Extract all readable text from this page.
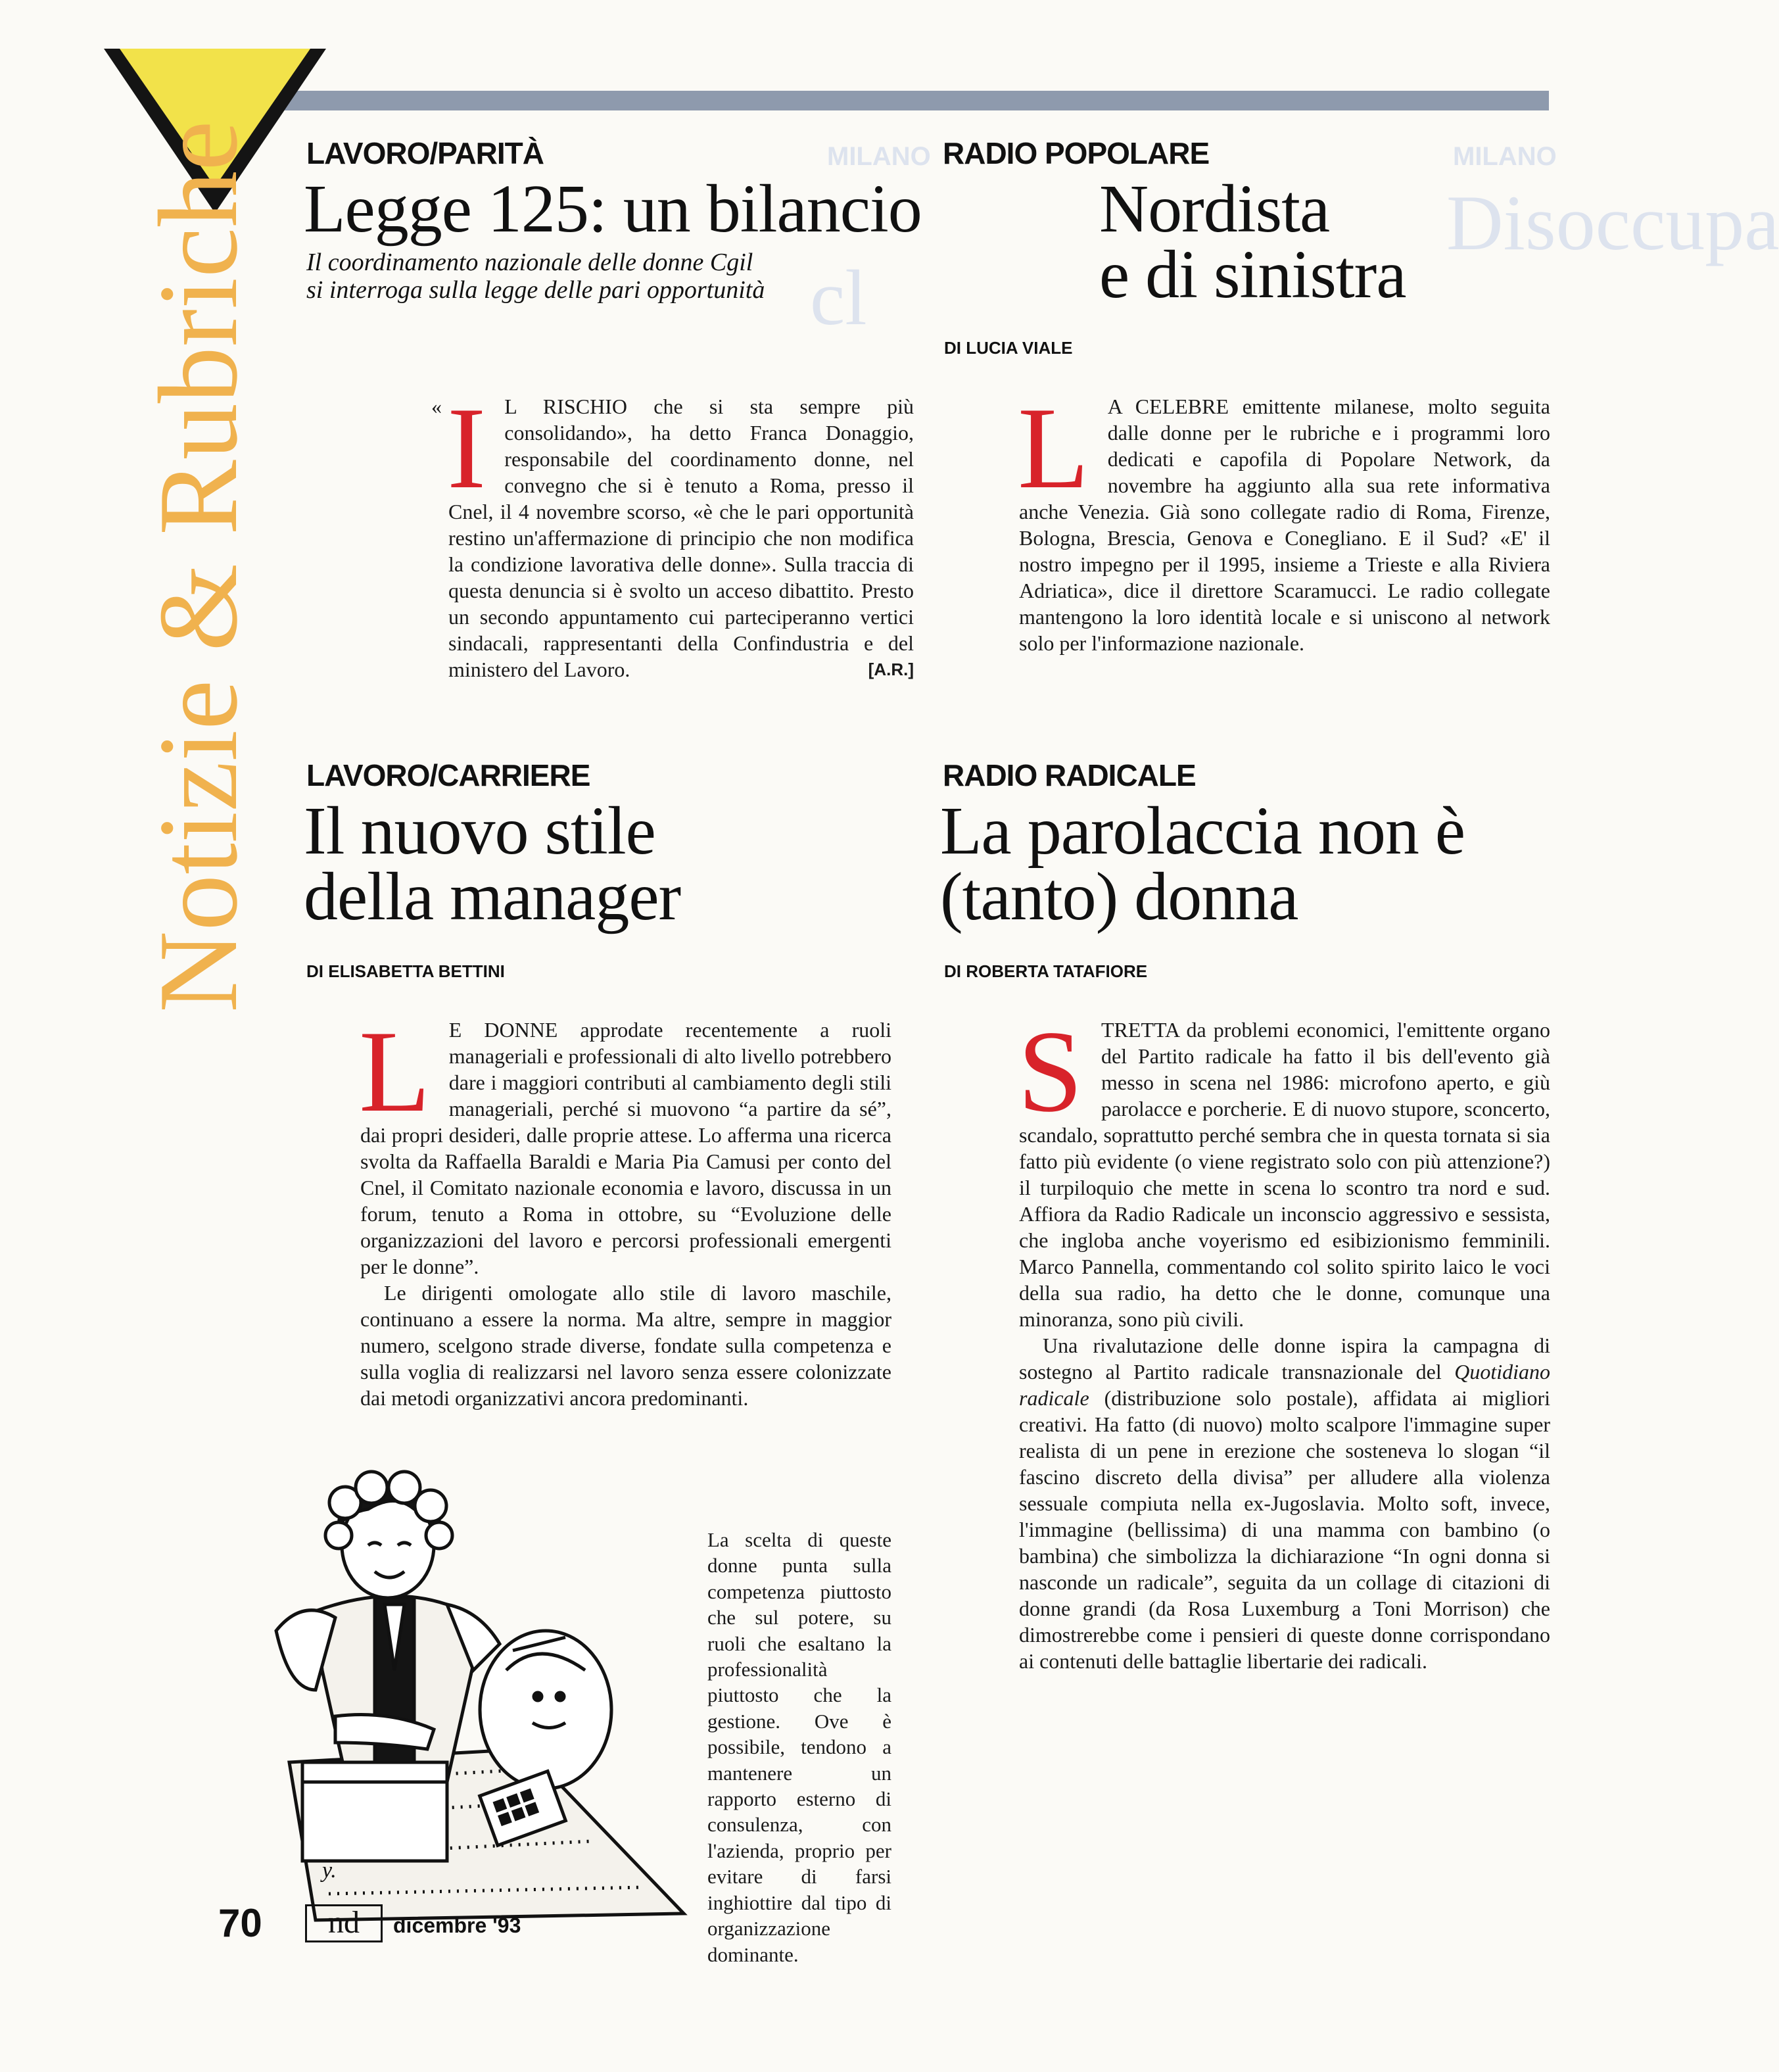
MILANO	MILANO
Disoccupa
cl
Notizie & Rubriche LAVORO/PARITÀ
Legge 125: un bilancio
Il coordinamento nazionale delle donne Cgil
si interroga sulla legge delle pari opportunità
« I L RISCHIO che si sta sempre più consolidando», ha detto Franca Donaggio, responsabile del coordinamento donne, nel convegno che si è tenuto a Roma, presso il Cnel, il 4 novembre scorso, «è che le pari opportunità restino un'affermazione di principio che non modifica la condizione lavorativa delle donne». Sulla traccia di questa denuncia si è svolto un acceso dibattito. Presto un secondo appuntamento cui parteciperanno vertici sindacali, rappresentanti della Confindustria e del ministero del Lavoro.	[A.R.]

RADIO POPOLARE
Nordista
e di sinistra
DI LUCIA VIALE
L A CELEBRE emittente milanese, molto seguita dalle donne per le rubriche e i programmi loro dedicati e capofila di Popolare Network, da novembre ha aggiunto alla sua rete informativa anche Venezia. Già sono collegate radio di Roma, Firenze, Bologna, Brescia, Genova e Conegliano. E il Sud? «E' il nostro impegno per il 1995, insieme a Trieste e alla Riviera Adriatica», dice il direttore Scaramucci. Le radio collegate mantengono la loro identità locale e si uniscono al network solo per l'informazione nazionale.

LAVORO/CARRIERE
Il nuovo stile
della manager
DI ELISABETTA BETTINI
L E DONNE approdate recentemente a ruoli manageriali e professionali di alto livello potrebbero dare i maggiori contributi al cambiamento degli stili manageriali, perché si muovono “a partire da sé”, dai propri desideri, dalle proprie attese. Lo afferma una ricerca svolta da Raffaella Baraldi e Maria Pia Camusi per conto del Cnel, il Comitato nazionale economia e lavoro, discussa in un forum, tenuto a Roma in ottobre, su “Evoluzione delle organizzazioni del lavoro e percorsi professionali emergenti per le donne”.

Le dirigenti omologate allo stile di lavoro maschile, continuano a essere la norma. Ma altre, sempre in maggior numero, scelgono strade diverse, fondate sulla competenza e sulla voglia di realizzarsi nel lavoro senza essere colonizzate dai metodi organizzativi ancora predominanti.

La scelta di queste donne punta sulla competenza piuttosto che sul potere, su ruoli che esaltano la professionalità piuttosto che la gestione. Ove è possibile, tendono a mantenere un rapporto esterno di consulenza, con l'azienda, proprio per evitare di farsi inghiottire dal tipo di organizzazione dominante.

RADIO RADICALE
La parolaccia non è
(tanto) donna
DI ROBERTA TATAFIORE
S TRETTA da problemi economici, l'emittente organo del Partito radicale ha fatto il bis dell'evento già messo in scena nel 1986: microfono aperto, e giù parolacce e porcherie. E di nuovo stupore, sconcerto, scandalo, soprattutto perché sembra che in questa tornata si sia fatto più evidente (o viene registrato solo con più attenzione?) il turpiloquio che mette in scena lo scontro tra nord e sud. Affiora da Radio Radicale un inconscio aggressivo e sessista, che ingloba anche voyerismo ed esibizionismo femminili. Marco Pannella, commentando col solito spirito laico le voci della sua radio, ha detto che le donne, comunque una minoranza, sono più civili.

Una rivalutazione delle donne ispira la campagna di sostegno al Partito radicale transnazionale del Quotidiano radicale (distribuzione solo postale), affidata ai migliori creativi. Ha fatto (di nuovo) molto scalpore l'immagine super realista di un pene in erezione che sosteneva lo slogan “il fascino discreto della divisa” per alludere alla violenza sessuale compiuta nella ex-Jugoslavia. Molto soft, invece, l'immagine (bellissima) di una mamma con bambino (o bambina) che simbolizza la dichiarazione “In ogni donna si nasconde un radicale”, seguita da un collage di citazioni di donne grandi (da Rosa Luxemburg a Toni Morrison) che dimostrerebbe come i pensieri di queste donne corrispondano ai contenuti delle battaglie libertarie dei radicali.

y.
70	nd	dicembre '93
